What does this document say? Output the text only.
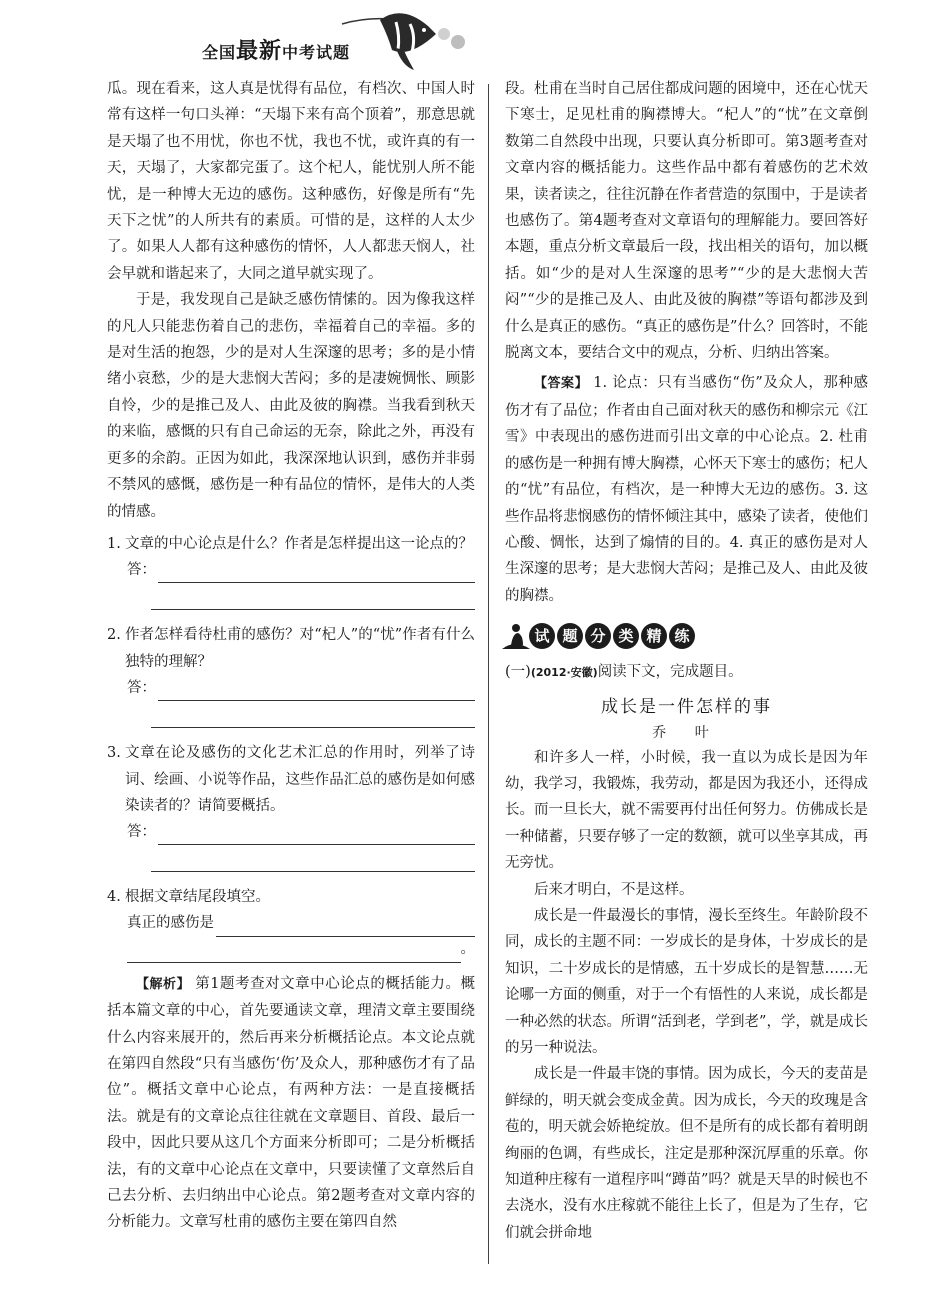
全国最新中考试题

瓜。现在看来，这人真是忧得有品位，有档次、中国人时常有这样一句口头禅：“天塌下来有高个顶着”，那意思就是天塌了也不用忧，你也不忧，我也不忧，或许真的有一天，天塌了，大家都完蛋了。这个杞人，能忧别人所不能忧，是一种博大无边的感伤。这种感伤，好像是所有“先天下之忧”的人所共有的素质。可惜的是，这样的人太少了。如果人人都有这种感伤的情怀，人人都悲天悯人，社会早就和谐起来了，大同之道早就实现了。

于是，我发现自己是缺乏感伤情愫的。因为像我这样的凡人只能悲伤着自己的悲伤，幸福着自己的幸福。多的是对生活的抱怨，少的是对人生深邃的思考；多的是小情绪小哀愁，少的是大悲悯大苦闷；多的是凄婉惆怅、顾影自怜，少的是推己及人、由此及彼的胸襟。当我看到秋天的来临，感慨的只有自己命运的无奈，除此之外，再没有更多的余韵。正因为如此，我深深地认识到，感伤并非弱不禁风的感慨，感伤是一种有品位的情怀，是伟大的人类的情感。

1. 文章的中心论点是什么？作者是怎样提出这一论点的？
答：
2. 作者怎样看待杜甫的感伤？对“杞人”的“忧”作者有什么独特的理解？
答：
3. 文章在论及感伤的文化艺术汇总的作用时，列举了诗词、绘画、小说等作品，这些作品汇总的感伤是如何感染读者的？请简要概括。
答：
4. 根据文章结尾段填空。
真正的感伤是
。

【解析】 第1题考查对文章中心论点的概括能力。概括本篇文章的中心，首先要通读文章，理清文章主要围绕什么内容来展开的，然后再来分析概括论点。本文论点就在第四自然段“只有当感伤‘伤’及众人，那种感伤才有了品位”。概括文章中心论点，有两种方法：一是直接概括法。就是有的文章论点往往就在文章题目、首段、最后一段中，因此只要从这几个方面来分析即可；二是分析概括法，有的文章中心论点在文章中，只要读懂了文章然后自己去分析、去归纳出中心论点。第2题考查对文章内容的分析能力。文章写杜甫的感伤主要在第四自然

段。杜甫在当时自己居住都成问题的困境中，还在心忧天下寒士，足见杜甫的胸襟博大。“杞人”的“忧”在文章倒数第二自然段中出现，只要认真分析即可。第3题考查对文章内容的概括能力。这些作品中都有着感伤的艺术效果，读者读之，往往沉静在作者营造的氛围中，于是读者也感伤了。第4题考查对文章语句的理解能力。要回答好本题，重点分析文章最后一段，找出相关的语句，加以概括。如“少的是对人生深邃的思考”“少的是大悲悯大苦闷”“少的是推己及人、由此及彼的胸襟”等语句都涉及到什么是真正的感伤。“真正的感伤是”什么？回答时，不能脱离文本，要结合文中的观点，分析、归纳出答案。

【答案】 1. 论点：只有当感伤“伤”及众人，那种感伤才有了品位；作者由自己面对秋天的感伤和柳宗元《江雪》中表现出的感伤进而引出文章的中心论点。2. 杜甫的感伤是一种拥有博大胸襟，心怀天下寒士的感伤；杞人的“忧”有品位，有档次，是一种博大无边的感伤。3. 这些作品将悲悯感伤的情怀倾注其中，感染了读者，使他们心酸、惆怅，达到了煽情的目的。4. 真正的感伤是对人生深邃的思考；是大悲悯大苦闷；是推己及人、由此及彼的胸襟。

试 题 分 类 精 练
(一)(2012·安徽)阅读下文，完成题目。
成长是一件怎样的事
乔 叶

和许多人一样，小时候，我一直以为成长是因为年幼，我学习，我锻炼，我劳动，都是因为我还小，还得成长。而一旦长大，就不需要再付出任何努力。仿佛成长是一种储蓄，只要存够了一定的数额，就可以坐享其成，再无旁忧。

后来才明白，不是这样。

成长是一件最漫长的事情，漫长至终生。年龄阶段不同，成长的主题不同：一岁成长的是身体，十岁成长的是知识，二十岁成长的是情感，五十岁成长的是智慧……无论哪一方面的侧重，对于一个有悟性的人来说，成长都是一种必然的状态。所谓“活到老，学到老”，学，就是成长的另一种说法。

成长是一件最丰饶的事情。因为成长，今天的麦苗是鲜绿的，明天就会变成金黄。因为成长，今天的玫瑰是含苞的，明天就会娇艳绽放。但不是所有的成长都有着明朗绚丽的色调，有些成长，注定是那种深沉厚重的乐章。你知道种庄稼有一道程序叫“蹲苗”吗？就是天旱的时候也不去浇水，没有水庄稼就不能往上长了，但是为了生存，它们就会拼命地
